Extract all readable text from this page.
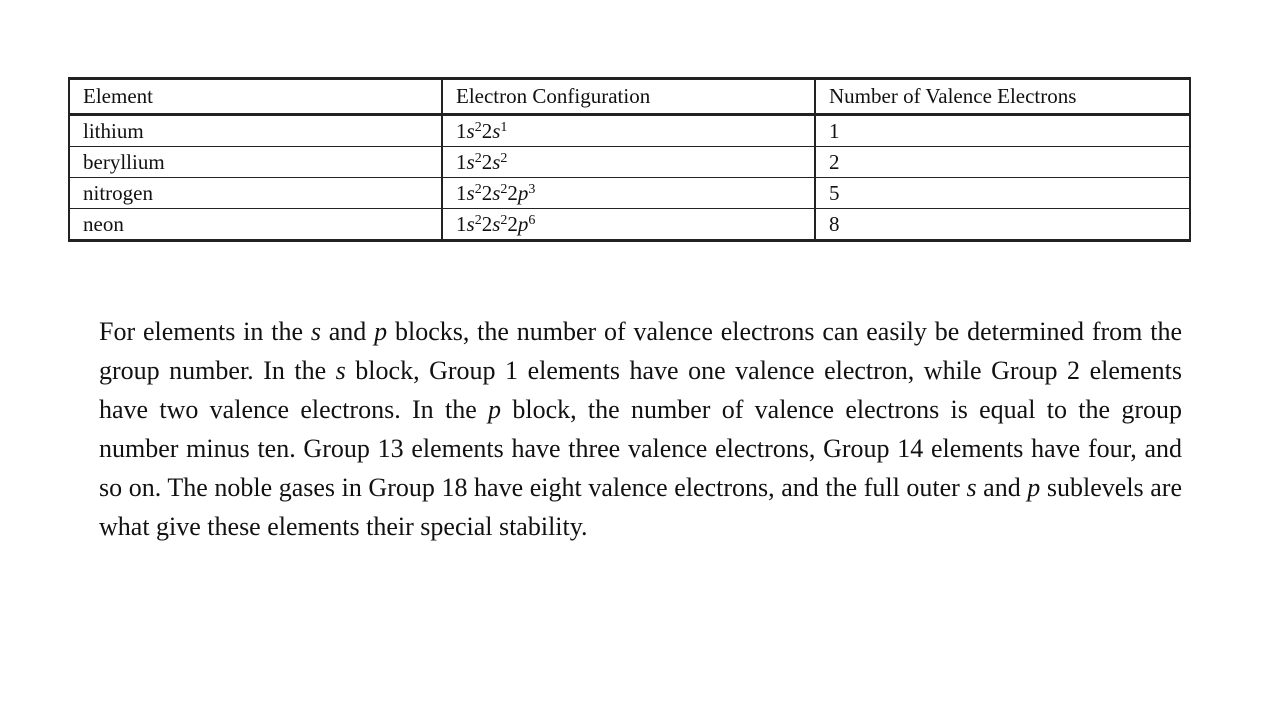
Element	Electron Configuration	Number of Valence Electrons
lithium	$1s^22s^1$	1
beryllium	$1s^22s^2$	2
nitrogen	$1s^22s^22p^3$	5
neon	$1s^22s^22p^6$	8

For elements in the s and p blocks, the number of valence electrons can easily be determined from the group number. In the s block, Group 1 elements have one valence electron, while Group 2 elements have two valence electrons. In the p block, the number of valence electrons is equal to the group number minus ten. Group 13 elements have three valence electrons, Group 14 elements have four, and so on. The noble gases in Group 18 have eight valence electrons, and the full outer s and p sublevels are what give these elements their special stability.
